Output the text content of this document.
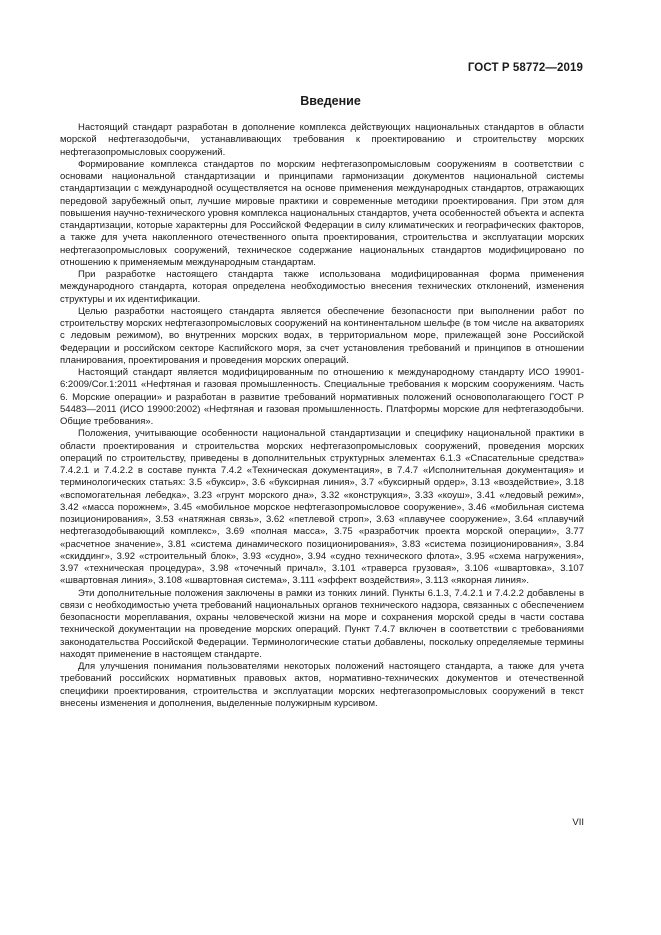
ГОСТ Р 58772—2019
Введение

Настоящий стандарт разработан в дополнение комплекса действующих национальных стандартов в области морской нефтегазодобычи, устанавливающих требования к проектированию и строительству морских нефтегазопромысловых сооружений.

Формирование комплекса стандартов по морским нефтегазопромысловым сооружениям в соответствии с основами национальной стандартизации и принципами гармонизации документов национальной системы стандартизации с международной осуществляется на основе применения международных стандартов, отражающих передовой зарубежный опыт, лучшие мировые практики и современные методики проектирования. При этом для повышения научно-технического уровня комплекса национальных стандартов, учета особенностей объекта и аспекта стандартизации, которые характерны для Российской Федерации в силу климатических и географических факторов, а также для учета накопленного отечественного опыта проектирования, строительства и эксплуатации морских нефтегазопромысловых сооружений, техническое содержание национальных стандартов модифицировано по отношению к применяемым международным стандартам.

При разработке настоящего стандарта также использована модифицированная форма применения международного стандарта, которая определена необходимостью внесения технических отклонений, изменения структуры и их идентификации.

Целью разработки настоящего стандарта является обеспечение безопасности при выполнении работ по строительству морских нефтегазопромысловых сооружений на континентальном шельфе (в том числе на акваториях с ледовым режимом), во внутренних морских водах, в территориальном море, прилежащей зоне Российской Федерации и российском секторе Каспийского моря, за счет установления требований и принципов в отношении планирования, проектирования и проведения морских операций.

Настоящий стандарт является модифицированным по отношению к международному стандарту ИСО 19901-6:2009/Cor.1:2011 «Нефтяная и газовая промышленность. Специальные требования к морским сооружениям. Часть 6. Морские операции» и разработан в развитие требований нормативных положений основополагающего ГОСТ Р 54483—2011 (ИСО 19900:2002) «Нефтяная и газовая промышленность. Платформы морские для нефтегазодобычи. Общие требования».

Положения, учитывающие особенности национальной стандартизации и специфику национальной практики в области проектирования и строительства морских нефтегазопромысловых сооружений, проведения морских операций по строительству, приведены в дополнительных структурных элементах 6.1.3 «Спасательные средства» 7.4.2.1 и 7.4.2.2 в составе пункта 7.4.2 «Техническая документация», в 7.4.7 «Исполнительная документация» и терминологических статьях: 3.5 «буксир», 3.6 «буксирная линия», 3.7 «буксирный ордер», 3.13 «воздействие», 3.18 «вспомогательная лебедка», 3.23 «грунт морского дна», 3.32 «конструкция», 3.33 «коуш», 3.41 «ледовый режим», 3.42 «масса порожнем», 3.45 «мобильное морское нефтегазопромысловое сооружение», 3.46 «мобильная система позиционирования», 3.53 «натяжная связь», 3.62 «петлевой строп», 3.63 «плавучее сооружение», 3.64 «плавучий нефтегазодобывающий комплекс», 3.69 «полная масса», 3.75 «разработчик проекта морской операции», 3.77 «расчетное значение», 3.81 «система динамического позиционирования», 3.83 «система позиционирования», 3.84 «скиддинг», 3.92 «строительный блок», 3.93 «судно», 3.94 «судно технического флота», 3.95 «схема нагружения», 3.97 «техническая процедура», 3.98 «точечный причал», 3.101 «траверса грузовая», 3.106 «швартовка», 3.107 «швартовная линия», 3.108 «швартовная система», 3.111 «эффект воздействия», 3.113 «якорная линия».

Эти дополнительные положения заключены в рамки из тонких линий. Пункты 6.1.3, 7.4.2.1 и 7.4.2.2 добавлены в связи с необходимостью учета требований национальных органов технического надзора, связанных с обеспечением безопасности мореплавания, охраны человеческой жизни на море и сохранения морской среды в части состава технической документации на проведение морских операций. Пункт 7.4.7 включен в соответствии с требованиями законодательства Российской Федерации. Терминологические статьи добавлены, поскольку определяемые термины находят применение в настоящем стандарте.

Для улучшения понимания пользователями некоторых положений настоящего стандарта, а также для учета требований российских нормативных правовых актов, нормативно-технических документов и отечественной специфики проектирования, строительства и эксплуатации морских нефтегазопромысловых сооружений в текст внесены изменения и дополнения, выделенные полужирным курсивом.

VII
